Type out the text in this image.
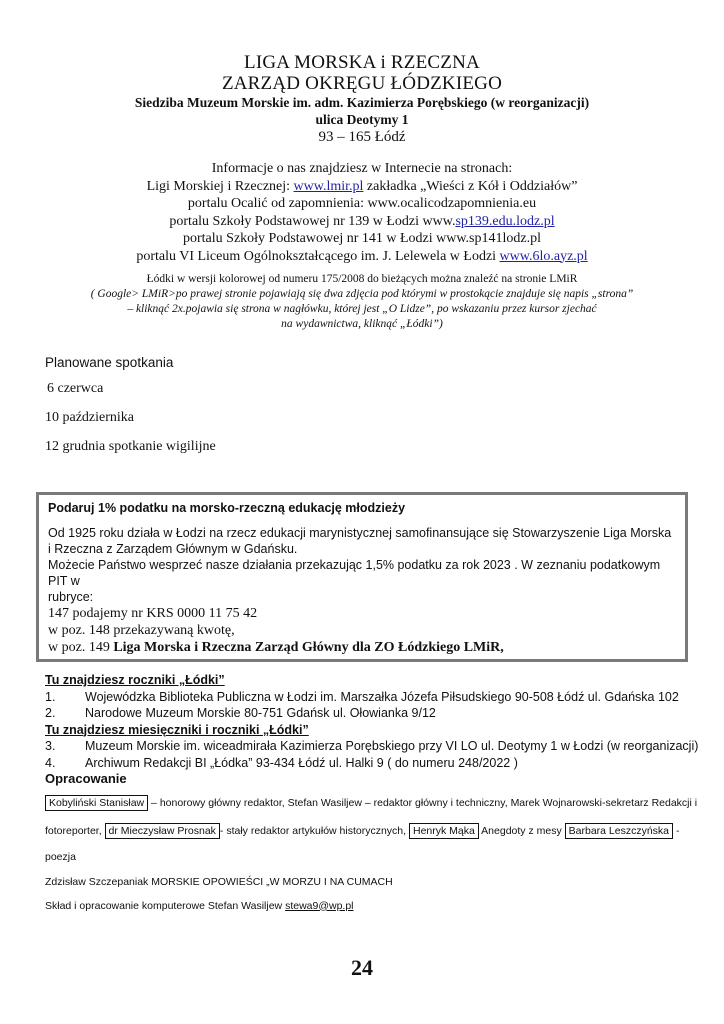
LIGA MORSKA i RZECZNA
ZARZĄD OKRĘGU ŁÓDZKIEGO
Siedziba Muzeum Morskie im. adm. Kazimierza Porębskiego (w reorganizacji)
ulica Deotymy 1
93 – 165 Łódź
Informacje o nas znajdziesz w Internecie na stronach:
Ligi Morskiej i Rzecznej: www.lmir.pl zakładka „Wieści z Kół i Oddziałów”
portalu Ocalić od zapomnienia: www.ocalicodzapomnienia.eu
portalu Szkoły Podstawowej nr 139 w Łodzi www.sp139.edu.lodz.pl
portalu Szkoły Podstawowej nr 141 w Łodzi www.sp141lodz.pl
portalu VI Liceum Ogólnokształcącego im. J. Lelewela w Łodzi www.6lo.ayz.pl
Łódki w wersji kolorowej od numeru 175/2008 do bieżących można znaleźć na stronie LMiR
( Google> LMiR>po prawej stronie pojawiają się dwa zdjęcia pod którymi w prostokącie znajduje się napis „strona”
– kliknąć 2x.pojawia się strona w nagłówku, której jest „O Lidze”, po wskazaniu przez kursor zjechać
na wydawnictwa, kliknąć „Łódki”)
Planowane spotkania
6 czerwca
10 października
12 grudnia spotkanie wigilijne
Podaruj 1% podatku na morsko-rzeczną edukację młodzieży
Od 1925 roku działa w Łodzi na rzecz edukacji marynistycznej samofinansujące się Stowarzyszenie Liga Morska
i Rzeczna z Zarządem Głównym w Gdańsku.
Możecie Państwo wesprzeć nasze działania przekazując 1,5% podatku za rok 2023 . W zeznaniu podatkowym PIT w
rubryce:
147 podajemy nr KRS 0000 11 75 42
w poz. 148 przekazywaną kwotę,
w poz. 149 Liga Morska i Rzeczna Zarząd Główny dla ZO Łódzkiego LMiR,
Tu znajdziesz roczniki „Łódki”
1.	Wojewódzka Biblioteka Publiczna w Łodzi im. Marszałka Józefa Piłsudskiego 90-508 Łódź ul. Gdańska 102
2.	Narodowe Muzeum Morskie 80-751 Gdańsk ul. Ołowianka 9/12
Tu znajdziesz miesięczniki i roczniki „Łódki”
3.	Muzeum Morskie im. wiceadmirała Kazimierza Porębskiego przy VI LO ul. Deotymy 1 w Łodzi (w reorganizacji)
4.	Archiwum Redakcji BI „Łódka” 93-434 Łódź ul. Halki 9 ( do numeru 248/2022 )
Opracowanie
Kobyliński Stanisław – honorowy główny redaktor, Stefan Wasiljew – redaktor główny i techniczny, Marek Wojnarowski-sekretarz Redakcji i
fotoreporter, dr Mieczysław Prosnak - stały redaktor artykułów historycznych, Henryk Mąka Anegdoty z mesy Barbara Leszczyńska - poezja
Zdzisław Szczepaniak MORSKIE OPOWIEŚCI „W MORZU I NA CUMACH
Skład i opracowanie komputerowe Stefan Wasiljew stewa9@wp.pl
24
